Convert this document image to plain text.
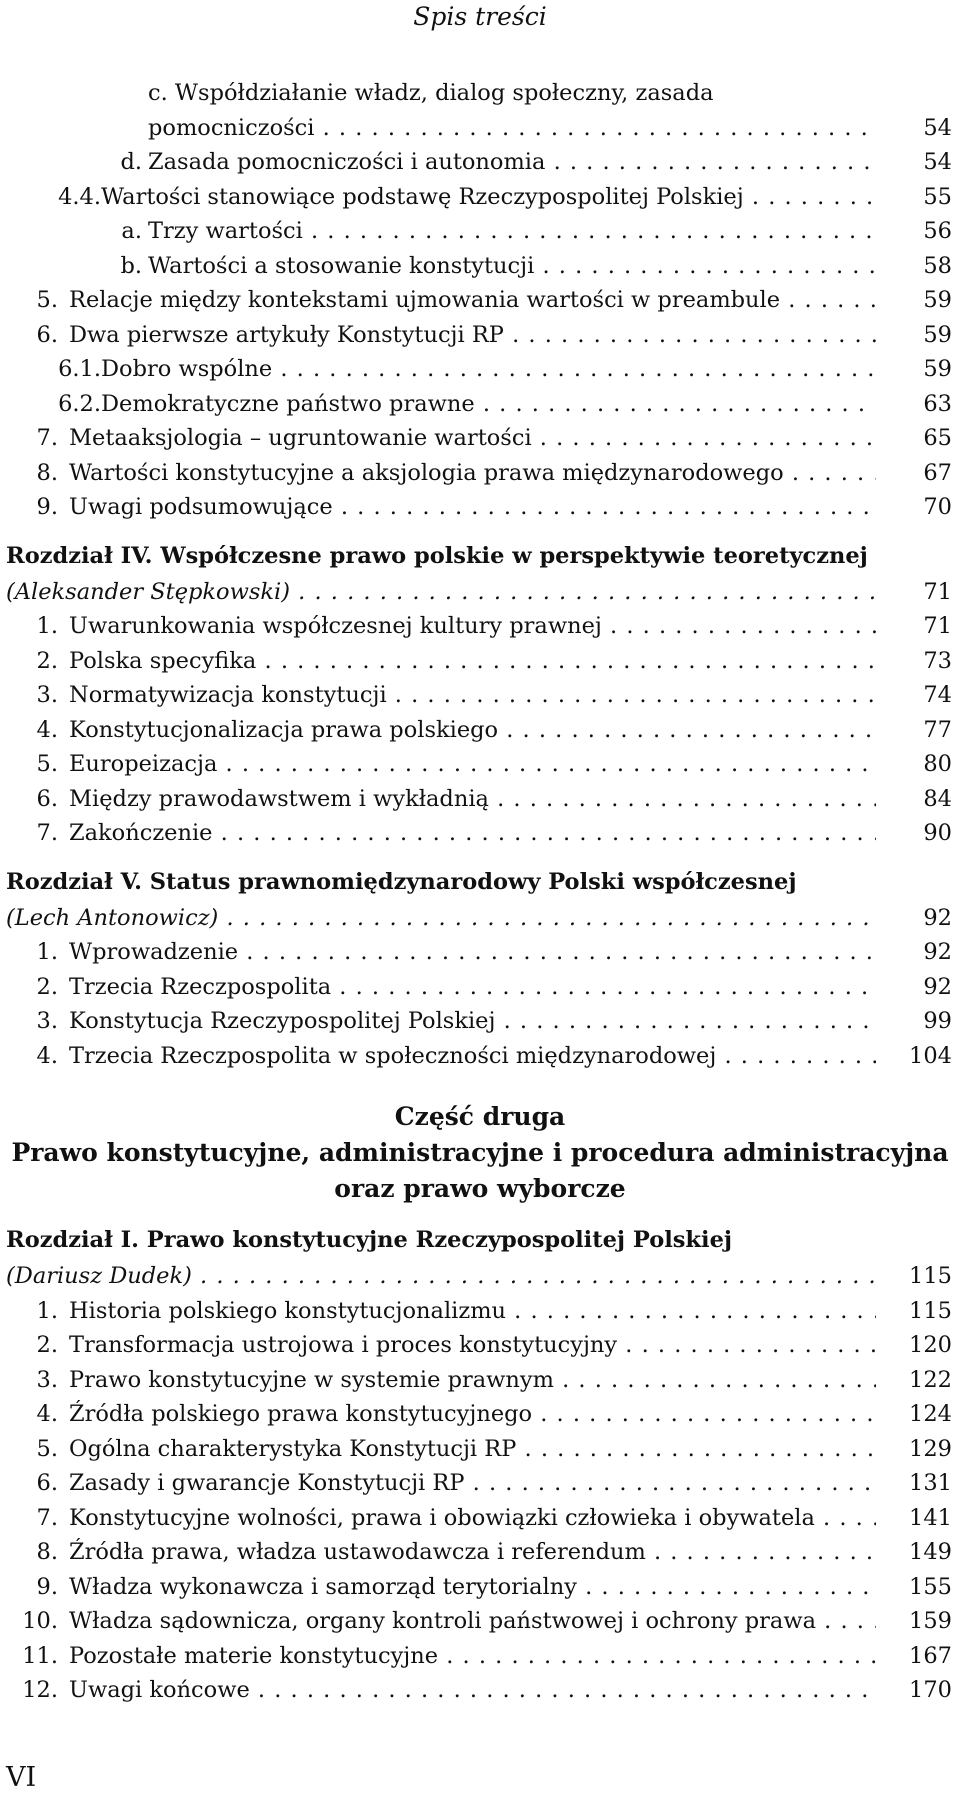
Spis treści
c. Współdziałanie władz, dialog społeczny, zasada
pomocniczości . . .	54
d. Zasada pomocniczości i autonomia . . .	54
4.4. Wartości stanowiące podstawę Rzeczypospolitej Polskiej . . .	55
a. Trzy wartości . . .	56
b. Wartości a stosowanie konstytucji . . .	58
5. Relacje między kontekstami ujmowania wartości w preambule . . .	59
6. Dwa pierwsze artykuły Konstytucji RP . . .	59
6.1. Dobro wspólne . . .	59
6.2. Demokratyczne państwo prawne . . .	63
7. Metaaksjologia – ugruntowanie wartości . . .	65
8. Wartości konstytucyjne a aksjologia prawa międzynarodowego . . .	67
9. Uwagi podsumowujące . . .	70
Rozdział IV. Współczesne prawo polskie w perspektywie teoretycznej
(Aleksander Stępkowski) . . .	71
1. Uwarunkowania współczesnej kultury prawnej . . .	71
2. Polska specyfika . . .	73
3. Normatywizacja konstytucji . . .	74
4. Konstytucjonalizacja prawa polskiego . . .	77
5. Europeizacja . . .	80
6. Między prawodawstwem i wykładnią . . .	84
7. Zakończenie . . .	90
Rozdział V. Status prawnomiędzynarodowy Polski współczesnej
(Lech Antonowicz) . . .	92
1. Wprowadzenie . . .	92
2. Trzecia Rzeczpospolita . . .	92
3. Konstytucja Rzeczypospolitej Polskiej . . .	99
4. Trzecia Rzeczpospolita w społeczności międzynarodowej . . .	104
Część druga
Prawo konstytucyjne, administracyjne i procedura administracyjna
oraz prawo wyborcze
Rozdział I. Prawo konstytucyjne Rzeczypospolitej Polskiej
(Dariusz Dudek) . . .	115
1. Historia polskiego konstytucjonalizmu . . .	115
2. Transformacja ustrojowa i proces konstytucyjny . . .	120
3. Prawo konstytucyjne w systemie prawnym . . .	122
4. Źródła polskiego prawa konstytucyjnego . . .	124
5. Ogólna charakterystyka Konstytucji RP . . .	129
6. Zasady i gwarancje Konstytucji RP . . .	131
7. Konstytucyjne wolności, prawa i obowiązki człowieka i obywatela . . .	141
8. Źródła prawa, władza ustawodawcza i referendum . . .	149
9. Władza wykonawcza i samorząd terytorialny . . .	155
10. Władza sądownicza, organy kontroli państwowej i ochrony prawa . . .	159
11. Pozostałe materie konstytucyjne . . .	167
12. Uwagi końcowe . . .	170
VI
